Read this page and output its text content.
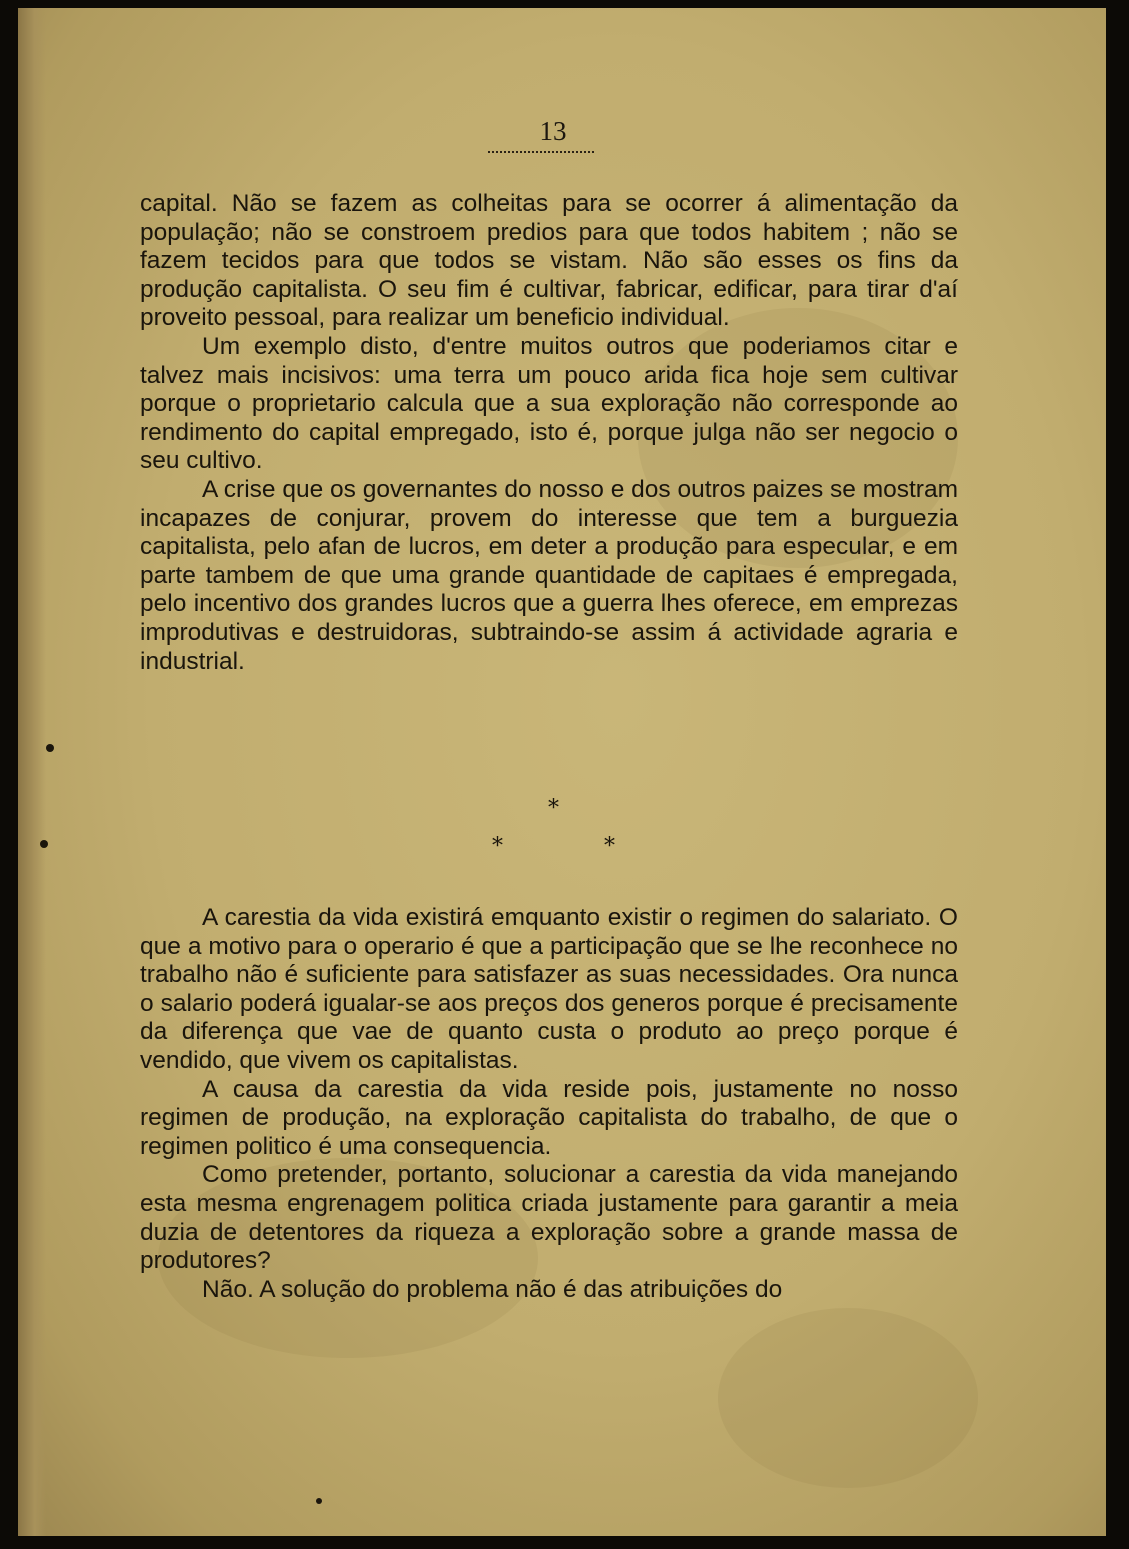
13

capital. Não se fazem as colheitas para se ocorrer á alimentação da população; não se constroem predios para que todos habitem ; não se fazem tecidos para que todos se vistam. Não são esses os fins da produção capitalista. O seu fim é cultivar, fabricar, edificar, para tirar d'aí proveito pessoal, para realizar um beneficio individual.

Um exemplo disto, d'entre muitos outros que poderiamos citar e talvez mais incisivos: uma terra um pouco arida fica hoje sem cultivar porque o proprietario calcula que a sua exploração não corresponde ao rendimento do capital empregado, isto é, porque julga não ser negocio o seu cultivo.

A crise que os governantes do nosso e dos outros paizes se mostram incapazes de conjurar, provem do interesse que tem a burguezia capitalista, pelo afan de lucros, em deter a produção para especular, e em parte tambem de que uma grande quantidade de capitaes é empregada, pelo incentivo dos grandes lucros que a guerra lhes oferece, em emprezas improdutivas e destruidoras, subtraindo-se assim á actividade agraria e industrial.

*
*	*

A carestia da vida existirá emquanto existir o regimen do salariato. O que a motivo para o operario é que a participação que se lhe reconhece no trabalho não é suficiente para satisfazer as suas necessidades. Ora nunca o salario poderá igualar-se aos preços dos generos porque é precisamente da diferença que vae de quanto custa o produto ao preço porque é vendido, que vivem os capitalistas.

A causa da carestia da vida reside pois, justamente no nosso regimen de produção, na exploração capitalista do trabalho, de que o regimen politico é uma consequencia.

Como pretender, portanto, solucionar a carestia da vida manejando esta mesma engrenagem politica criada justamente para garantir a meia duzia de detentores da riqueza a exploração sobre a grande massa de produtores?

Não. A solução do problema não é das atribuições do
